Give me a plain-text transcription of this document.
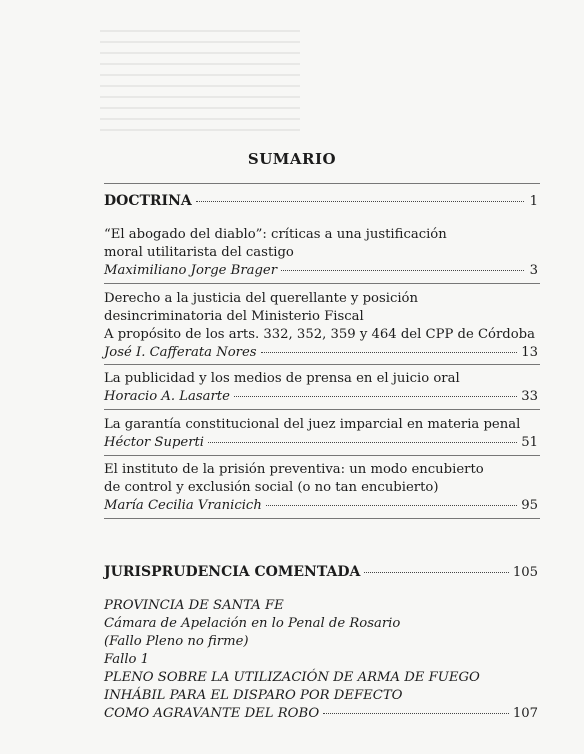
SUMARIO
DOCTRINA	1
“El abogado del diablo”: críticas a una justificación
moral utilitarista del castigo
Maximiliano Jorge Brager	3
Derecho a la justicia del querellante y posición
desincriminatoria del Ministerio Fiscal
A propósito de los arts. 332, 352, 359 y 464 del CPP de Córdoba
José I. Cafferata Nores	13
La publicidad y los medios de prensa en el juicio oral
Horacio A. Lasarte	33
La garantía constitucional del juez imparcial en materia penal
Héctor Superti	51
El instituto de la prisión preventiva: un modo encubierto
de control y exclusión social (o no tan encubierto)
María Cecilia Vranicich	95
JURISPRUDENCIA COMENTADA	105
PROVINCIA DE SANTA FE
Cámara de Apelación en lo Penal de Rosario
(Fallo Pleno no firme)
Fallo 1
PLENO SOBRE LA UTILIZACIÓN DE ARMA DE FUEGO
INHÁBIL PARA EL DISPARO POR DEFECTO
COMO AGRAVANTE DEL ROBO	107
